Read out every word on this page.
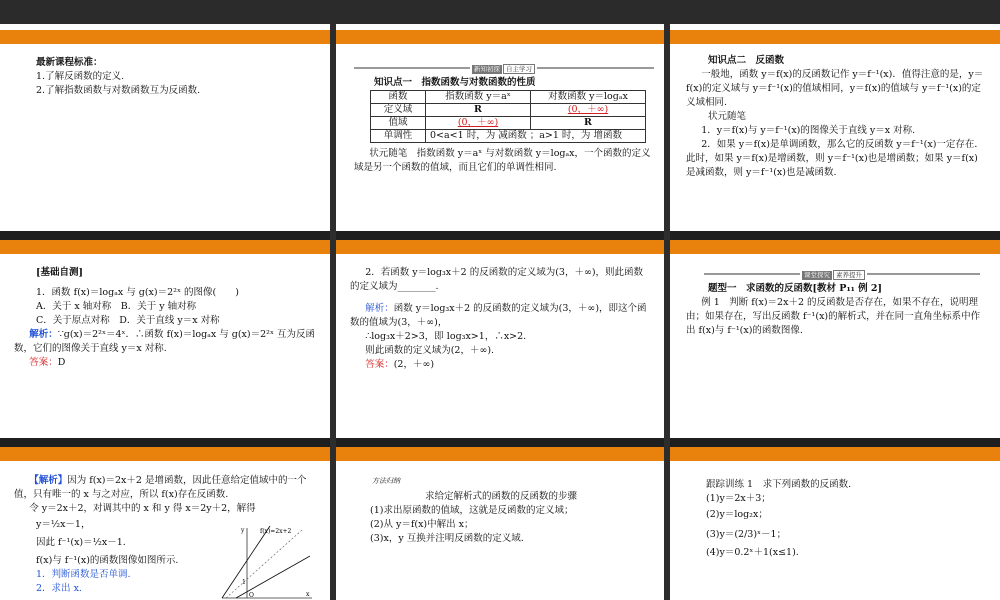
最新课程标准：

1.了解反函数的定义.

2.了解指数函数与对数函数互为反函数.

新知初探 自主学习

知识点一　指数函数与对数函数的性质

函数	指数函数 y＝aˣ	对数函数 y＝logₐx
定义域	R	(0，＋∞)
值域	(0，＋∞)	R
单调性	0<a<1 时，为 减函数 ；a>1 时，为 增函数	

状元随笔　指数函数 y＝aˣ 与对数函数 y＝logₐx，一个函数的定义域是另一个函数的值域，而且它们的单调性相同.

知识点二　反函数

一般地，函数 y＝f(x)的反函数记作 y＝f⁻¹(x)．值得注意的是，y＝f(x)的定义域与 y＝f⁻¹(x)的值域相同，y＝f(x)的值域与 y＝f⁻¹(x)的定义域相同.

状元随笔

1．y＝f(x)与 y＝f⁻¹(x)的图像关于直线 y＝x 对称.

2．如果 y＝f(x)是单调函数，那么它的反函数 y＝f⁻¹(x)一定存在．此时，如果 y＝f(x)是增函数，则 y＝f⁻¹(x)也是增函数；如果 y＝f(x)是减函数，则 y＝f⁻¹(x)也是减函数.

[基础自测]

1．函数 f(x)＝logₐx 与 g(x)＝2²ˣ 的图像(　　)

A．关于 x 轴对称　B．关于 y 轴对称

C．关于原点对称　D．关于直线 y＝x 对称

解析：∵g(x)＝2²ˣ＝4ˣ．∴函数 f(x)＝logₐx 与 g(x)＝2²ˣ 互为反函数，它们的图像关于直线 y＝x 对称.

答案：D

2．若函数 y＝log₃x＋2 的反函数的定义域为(3，＋∞)，则此函数的定义域为________.

解析：函数 y＝log₃x＋2 的反函数的定义域为(3，＋∞)，即这个函数的值域为(3，＋∞)，

∴log₃x＋2>3，即 log₃x>1，∴x>2.

则此函数的定义域为(2，＋∞).

答案：(2，＋∞)

课堂探究 素养提升

题型一　求函数的反函数[教材 P₁₁ 例 2]

例 1　判断 f(x)＝2x＋2 的反函数是否存在，如果不存在，说明理由；如果存在，写出反函数 f⁻¹(x)的解析式，并在同一直角坐标系中作出 f(x)与 f⁻¹(x)的函数图像.

【解析】因为 f(x)＝2x＋2 是增函数，因此任意给定值域中的一个值，只有唯一的 x 与之对应，所以 f(x)存在反函数.

令 y＝2x＋2，对调其中的 x 和 y 得 x＝2y＋2，解得

y＝½x－1，

因此 f⁻¹(x)＝½x－1.

f(x)与 f⁻¹(x)的函数图像如图所示.

1．判断函数是否单调.

2．求出 x.

f(x)=2x+2
y
x
O
1

方法归纳

求给定解析式的函数的反函数的步骤

(1)求出原函数的值域，这就是反函数的定义域；

(2)从 y＝f(x)中解出 x；

(3)x，y 互换并注明反函数的定义域.

跟踪训练 1　求下列函数的反函数.

(1)y＝2x＋3；

(2)y＝log₂x；

(3)y＝(2/3)ˣ－1；

(4)y＝0.2ˣ＋1(x≤1).
